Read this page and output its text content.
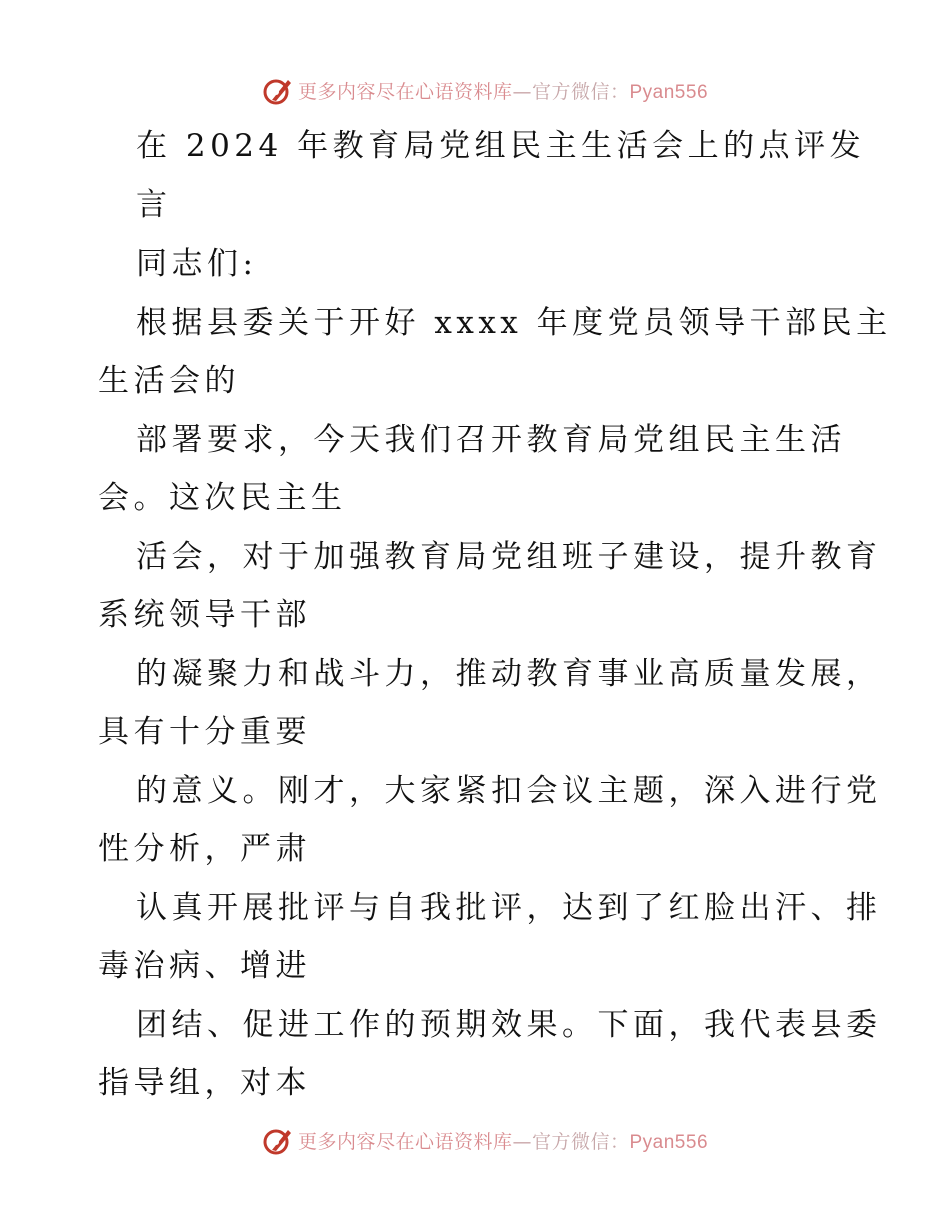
更多内容尽在心语资料库—官方微信：Pyan556
在 2024 年教育局党组民主生活会上的点评发
言
同志们:
根据县委关于开好 xxxx 年度党员领导干部民主
生活会的
部署要求，今天我们召开教育局党组民主生活
会。这次民主生
活会，对于加强教育局党组班子建设，提升教育
系统领导干部
的凝聚力和战斗力，推动教育事业高质量发展，
具有十分重要
的意义。刚才，大家紧扣会议主题，深入进行党
性分析，严肃
认真开展批评与自我批评，达到了红脸出汗、排
毒治病、增进
团结、促进工作的预期效果。下面，我代表县委
指导组，对本
更多内容尽在心语资料库—官方微信：Pyan556
